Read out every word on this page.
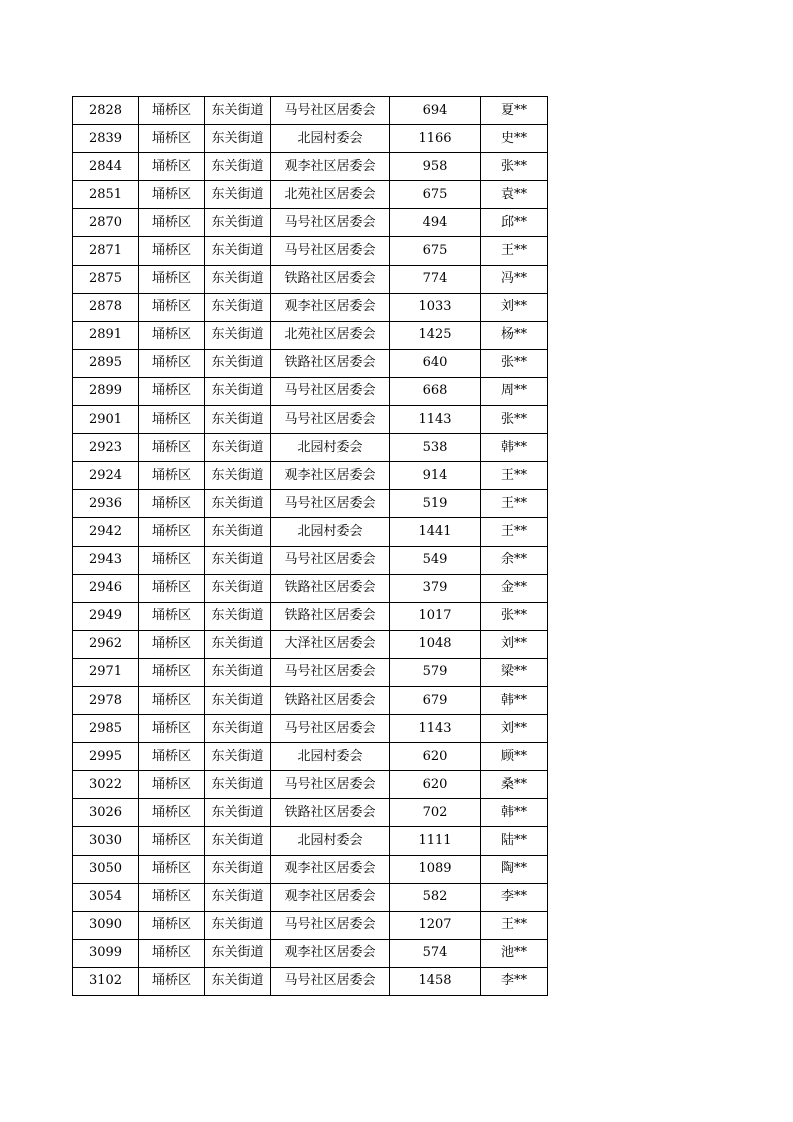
2828	埇桥区	东关街道	马号社区居委会	694	夏**
2839	埇桥区	东关街道	北园村委会	1166	史**
2844	埇桥区	东关街道	观李社区居委会	958	张**
2851	埇桥区	东关街道	北苑社区居委会	675	袁**
2870	埇桥区	东关街道	马号社区居委会	494	邱**
2871	埇桥区	东关街道	马号社区居委会	675	王**
2875	埇桥区	东关街道	铁路社区居委会	774	冯**
2878	埇桥区	东关街道	观李社区居委会	1033	刘**
2891	埇桥区	东关街道	北苑社区居委会	1425	杨**
2895	埇桥区	东关街道	铁路社区居委会	640	张**
2899	埇桥区	东关街道	马号社区居委会	668	周**
2901	埇桥区	东关街道	马号社区居委会	1143	张**
2923	埇桥区	东关街道	北园村委会	538	韩**
2924	埇桥区	东关街道	观李社区居委会	914	王**
2936	埇桥区	东关街道	马号社区居委会	519	王**
2942	埇桥区	东关街道	北园村委会	1441	王**
2943	埇桥区	东关街道	马号社区居委会	549	余**
2946	埇桥区	东关街道	铁路社区居委会	379	金**
2949	埇桥区	东关街道	铁路社区居委会	1017	张**
2962	埇桥区	东关街道	大泽社区居委会	1048	刘**
2971	埇桥区	东关街道	马号社区居委会	579	梁**
2978	埇桥区	东关街道	铁路社区居委会	679	韩**
2985	埇桥区	东关街道	马号社区居委会	1143	刘**
2995	埇桥区	东关街道	北园村委会	620	顾**
3022	埇桥区	东关街道	马号社区居委会	620	桑**
3026	埇桥区	东关街道	铁路社区居委会	702	韩**
3030	埇桥区	东关街道	北园村委会	1111	陆**
3050	埇桥区	东关街道	观李社区居委会	1089	陶**
3054	埇桥区	东关街道	观李社区居委会	582	李**
3090	埇桥区	东关街道	马号社区居委会	1207	王**
3099	埇桥区	东关街道	观李社区居委会	574	池**
3102	埇桥区	东关街道	马号社区居委会	1458	李**
